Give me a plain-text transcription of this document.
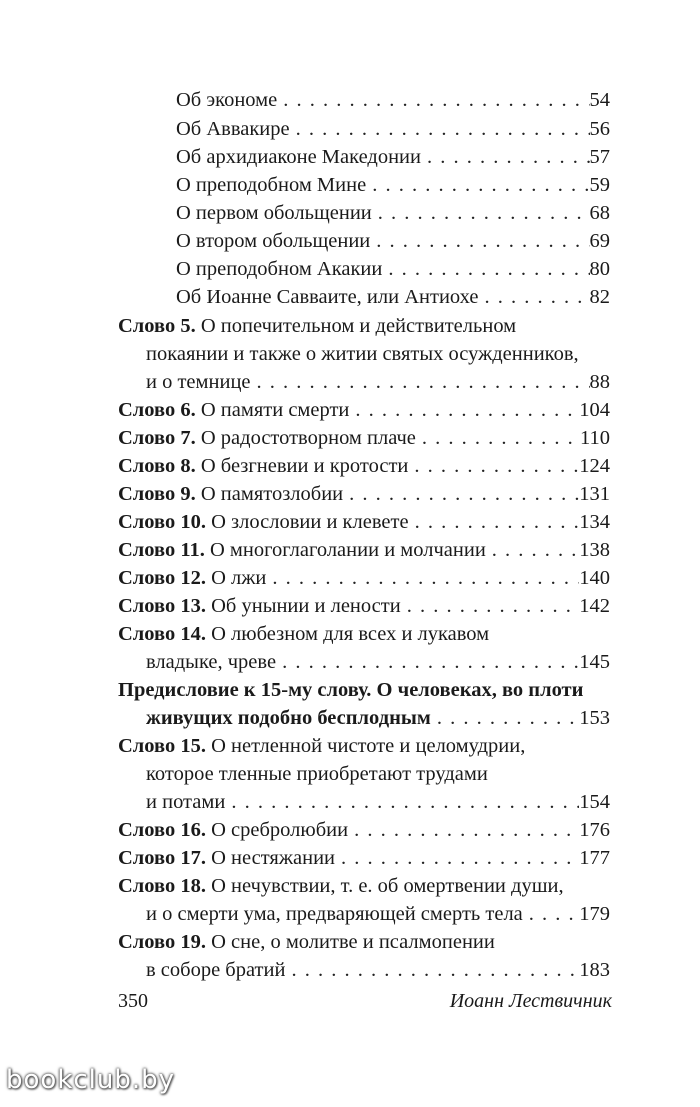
Об экономе . . .	54
Об Аввакире . . .	56
Об архидиаконе Македонии . . .	57
О преподобном Мине . . .	59
О первом обольщении . . .	68
О втором обольщении . . .	69
О преподобном Акакии . . .	80
Об Иоанне Савваите, или Антиохе . . .	82
Слово 5. О попечительном и действительном
покаянии и также о житии святых осужденников,
и о темнице . . .	88
Слово 6. О памяти смерти . . .	104
Слово 7. О радостотворном плаче . . .	110
Слово 8. О безгневии и кротости . . .	124
Слово 9. О памятозлобии . . .	131
Слово 10. О злословии и клевете . . .	134
Слово 11. О многоглаголании и молчании . . .	138
Слово 12. О лжи . . .	140
Слово 13. Об унынии и лености . . .	142
Слово 14. О любезном для всех и лукавом
владыке, чреве . . .	145
Предисловие к 15-му слову. О человеках, во плоти
живущих подобно бесплодным . . .	153
Слово 15. О нетленной чистоте и целомудрии,
которое тленные приобретают трудами
и потами . . .	154
Слово 16. О сребролюбии . . .	176
Слово 17. О нестяжании . . .	177
Слово 18. О нечувствии, т. е. об омертвении души,
и о смерти ума, предваряющей смерть тела . . .	179
Слово 19. О сне, о молитве и псалмопении
в соборе братий . . .	183
350	Иоанн Лествичник
bookclub.by
